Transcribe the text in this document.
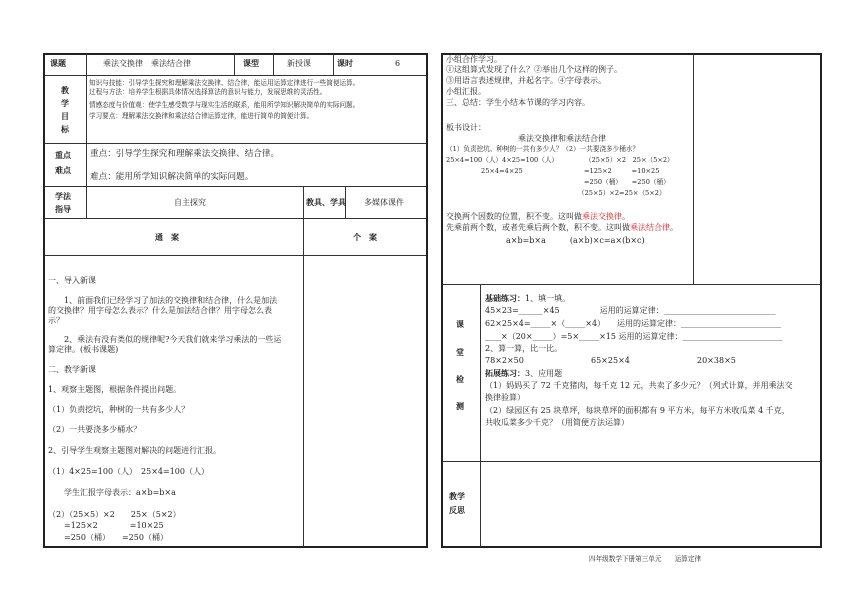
课题	乘法交换律　乘法结合律	课型	新授课	课时	6
教
学
目
标
知识与技能：引导学生探究和理解乘法交换律、结合律，能运用运算定律进行一些简便运算。
过程与方法：培养学生根据具体情况选择算法的意识与能力，发展思维的灵活性。
情感态度与价值观：使学生感受数学与现实生活的联系，能用所学知识解决简单的实际问题。
学习要点：理解乘法交换律和乘法结合律运算定律，能进行简单的简便计算。
重点
难点
重点：引导学生探究和理解乘法交换律、结合律。
难点：能用所学知识解决简单的实际问题。
学法
指导
自主探究	教具、学具 多媒体课件
通　案	个　案
一、导入新课
　　1、前面我们已经学习了加法的交换律和结合律，什么是加法
的交换律？用字母怎么表示？什么是加法结合律？用字母怎么表
示？
　　2、乘法有没有类似的规律呢?今天我们就来学习乘法的一些运
算定律。(板书课题)
二、教学新课
1、观察主题图，根据条件提出问题。
（1）负责挖坑，种树的一共有多少人？
（2）一共要浇多少桶水？
2、引导学生观察主题图对解决的问题进行汇报。
（1）4×25=100（人）　25×4=100（人）
　　学生汇报字母表示：a×b=b×a
（2）（25×5）×2　　25×（5×2）
　　=125×2　　　　=10×25
　　=250（桶）　　=250（桶）
小组合作学习。
①这组算式发现了什么？②举出几个这样的例子。
③用语言表述规律，并起名字。④字母表示。
小组汇报。
三、总结：学生小结本节课的学习内容。
板书设计：
乘法交换律和乘法结合律
（1）负责挖坑、种树的一共有多少人？（2）一共要浇多少桶水？
25×4=100（人）4×25=100（人）
25×4=4×25
（25×5）×2　25×（5×2）
=125×2　　　=10×25
=250（桶）　　=250（桶）
（25×5）×2=25×（5×2）
交换两个因数的位置，积不变。这叫做乘法交换律。
先乘前两个数，或者先乘后两个数，积不变。这叫做乘法结合律。
a×b=b×a　　　(a×b)×c=a×(b×c)
课
堂
检
测
基础练习：1、填一填。
45×23=______×45　　　　　运用的运算定律：____________________________
62×25×4=_____×（_____×4）　　运用的运算定律：_________________________
____×（20×_____）=5×_____×15 运用的运算定律：_________________________
2、算一算，比一比。
78×2×50	65×25×4	20×38×5
拓展练习：3、应用题
（1）妈妈买了 72 千克猪肉，每千克 12 元，共卖了多少元？（列式计算，并用乘法交
换律验算）
（2）绿园区有 25 块草坪，每块草坪的面积都有 9 平方米，每平方米收瓜菜 4 千克，
共收瓜菜多少千克？（用简便方法运算）
教学
反思
四年级数学下册第三单元　　运算定律
